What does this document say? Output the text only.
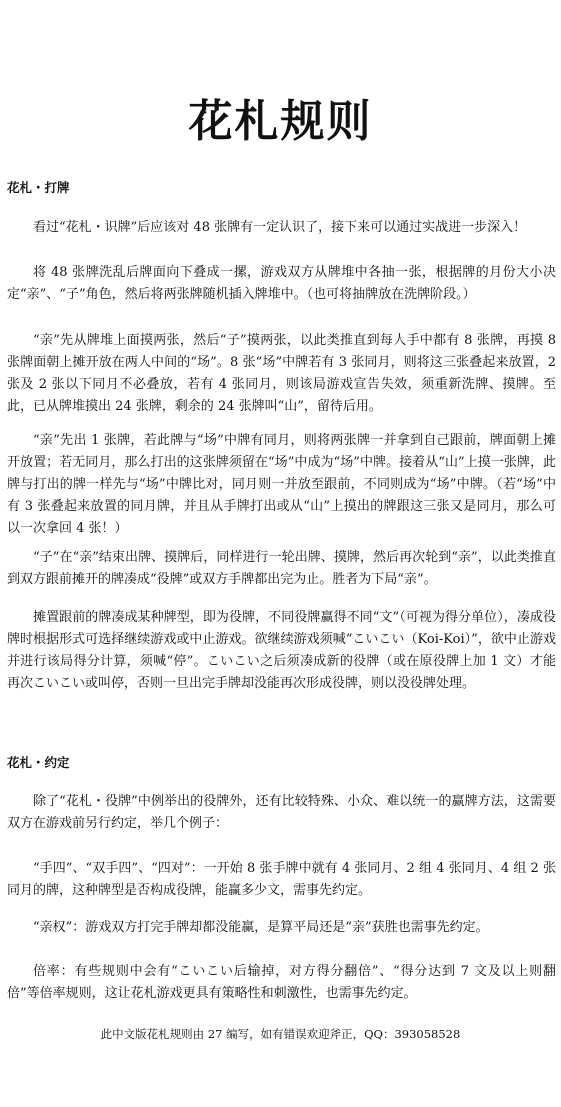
花札规则
花札・打牌

看过“花札・识牌”后应该对 48 张牌有一定认识了，接下来可以通过实战进一步深入！

将 48 张牌洗乱后牌面向下叠成一摞，游戏双方从牌堆中各抽一张，根据牌的月份大小决定“亲”、“子”角色，然后将两张牌随机插入牌堆中。（也可将抽牌放在洗牌阶段。）

“亲”先从牌堆上面摸两张，然后“子”摸两张，以此类推直到每人手中都有 8 张牌，再摸 8 张牌面朝上摊开放在两人中间的“场”。8 张“场”中牌若有 3 张同月，则将这三张叠起来放置，2 张及 2 张以下同月不必叠放，若有 4 张同月，则该局游戏宣告失效，须重新洗牌、摸牌。至此，已从牌堆摸出 24 张牌，剩余的 24 张牌叫“山”，留待后用。

“亲”先出 1 张牌，若此牌与“场”中牌有同月，则将两张牌一并拿到自己跟前，牌面朝上摊开放置；若无同月，那么打出的这张牌须留在“场”中成为“场”中牌。接着从“山”上摸一张牌，此牌与打出的牌一样先与“场”中牌比对，同月则一并放至跟前，不同则成为“场”中牌。（若“场”中有 3 张叠起来放置的同月牌，并且从手牌打出或从“山”上摸出的牌跟这三张又是同月，那么可以一次拿回 4 张！）

“子”在“亲”结束出牌、摸牌后，同样进行一轮出牌、摸牌，然后再次轮到“亲”，以此类推直到双方跟前摊开的牌凑成“役牌”或双方手牌都出完为止。胜者为下局“亲”。

摊置跟前的牌凑成某种牌型，即为役牌，不同役牌赢得不同“文”（可视为得分单位），凑成役牌时根据形式可选择继续游戏或中止游戏。欲继续游戏须喊“こいこい（Koi-Koi）”，欲中止游戏并进行该局得分计算，须喊“停”。こいこい之后须凑成新的役牌（或在原役牌上加 1 文）才能再次こいこい或叫停，否则一旦出完手牌却没能再次形成役牌，则以没役牌处理。

花札・约定

除了“花札・役牌”中例举出的役牌外，还有比较特殊、小众、难以统一的赢牌方法，这需要双方在游戏前另行约定，举几个例子：

“手四”、“双手四”、“四对”：一开始 8 张手牌中就有 4 张同月、2 组 4 张同月、4 组 2 张同月的牌，这种牌型是否构成役牌，能赢多少文，需事先约定。

“亲权”：游戏双方打完手牌却都没能赢，是算平局还是“亲”获胜也需事先约定。

倍率：有些规则中会有“こいこい后输掉，对方得分翻倍”、“得分达到 7 文及以上则翻倍”等倍率规则，这让花札游戏更具有策略性和刺激性，也需事先约定。

此中文版花札规则由 27 编写，如有错误欢迎斧正，QQ：393058528
